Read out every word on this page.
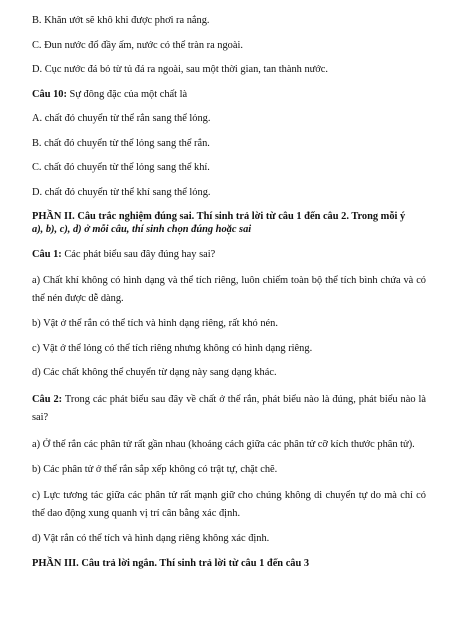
B. Khăn ướt sẽ khô khi được phơi ra nắng.

C. Đun nước đổ đầy ấm, nước có thể tràn ra ngoài.

D. Cục nước đá bỏ từ tủ đá ra ngoài, sau một thời gian, tan thành nước.

Câu 10: Sự đông đặc của một chất là

A. chất đó chuyển từ thể rắn sang thể lỏng.

B. chất đó chuyển từ thể lỏng sang thể rắn.

C. chất đó chuyển từ thể lỏng sang thể khí.

D. chất đó chuyển từ thể khí sang thể lỏng.

PHẦN II. Câu trắc nghiệm đúng sai. Thí sinh trả lời từ câu 1 đến câu 2. Trong mỗi ý

a), b), c), d) ở mỗi câu, thí sinh chọn đúng hoặc sai

Câu 1: Các phát biểu sau đây đúng hay sai?

a) Chất khí không có hình dạng và thể tích riêng, luôn chiếm toàn bộ thể tích bình chứa và có thể nén được dễ dàng.

b) Vật ở thể rắn có thể tích và hình dạng riêng, rất khó nén.

c) Vật ở thể lỏng có thể tích riêng nhưng không có hình dạng riêng.

d) Các chất không thể chuyển từ dạng này sang dạng khác.

Câu 2: Trong các phát biểu sau đây về chất ở thể rắn, phát biểu nào là đúng, phát biểu nào là sai?

a) Ở thể rắn các phân tử rất gần nhau (khoảng cách giữa các phân tử cỡ kích thước phân tử).

b) Các phân tử ở thể rắn sắp xếp không có trật tự, chặt chẽ.

c) Lực tương tác giữa các phân tử rất mạnh giữ cho chúng không di chuyển tự do mà chỉ có thể dao động xung quanh vị trí cân bằng xác định.

d) Vật rắn có thể tích và hình dạng riêng không xác định.

PHẦN III. Câu trả lời ngắn. Thí sinh trả lời từ câu 1 đến câu 3
